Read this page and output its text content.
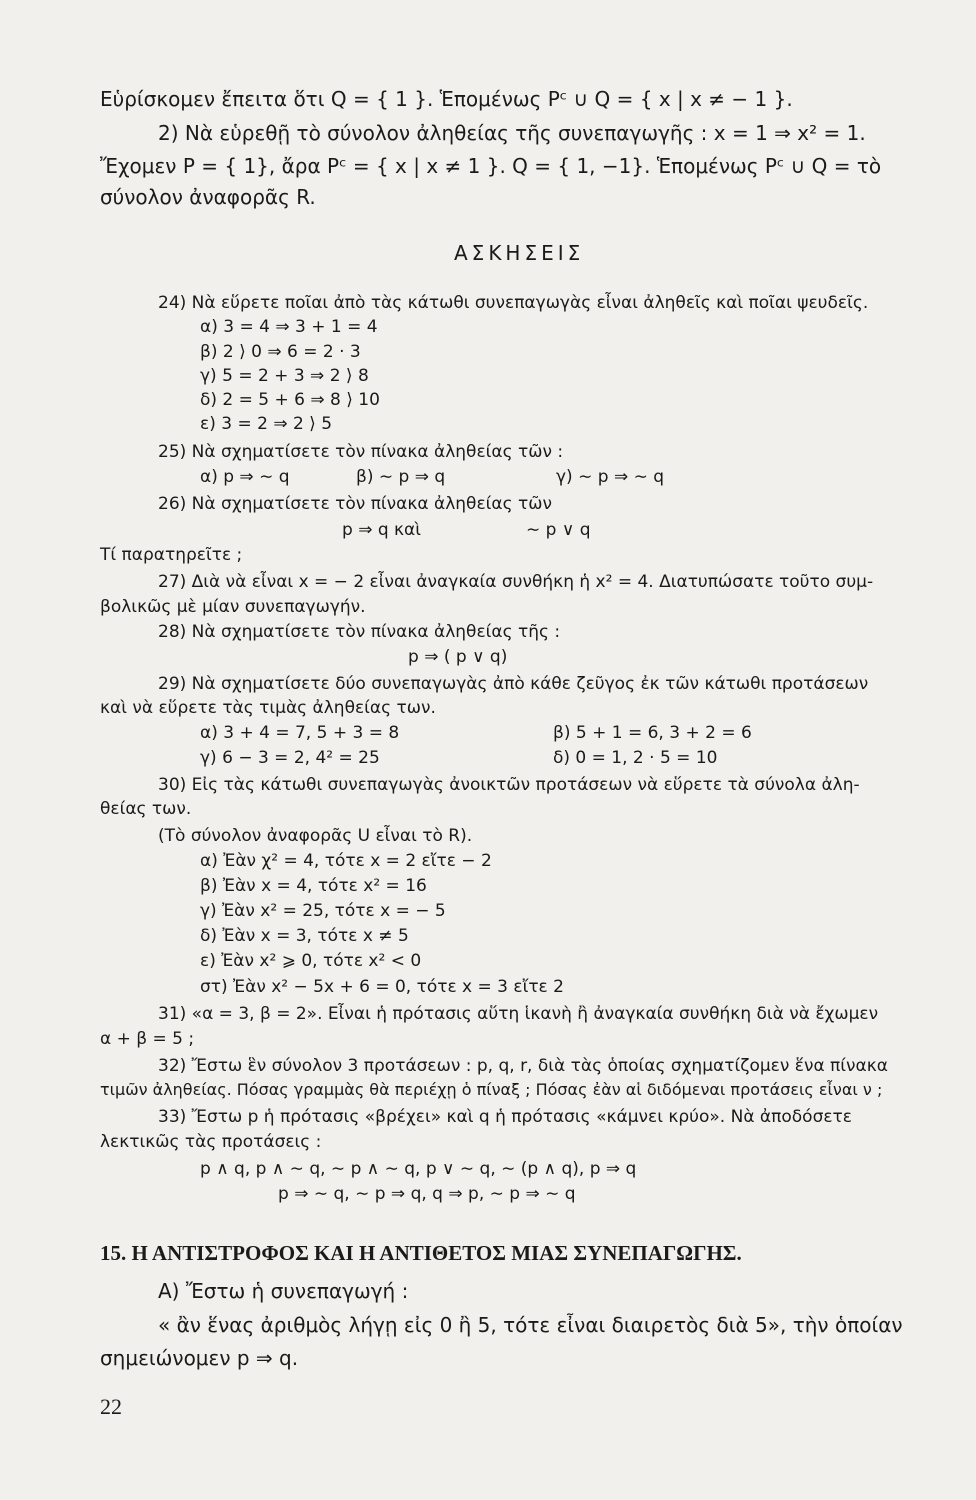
Εὑρίσκομεν ἔπειτα ὅτι Q = { 1 }. Ἑπομένως Pᶜ ∪ Q = { x | x ≠ − 1 }.
2) Νὰ εὑρεθῇ τὸ σύνολον ἀληθείας τῆς συνεπαγωγῆς : x = 1 ⇒ x² = 1.
Ἔχομεν P = { 1}, ἄρα Pᶜ = { x | x ≠ 1 }. Q = { 1, −1}. Ἑπομένως Pᶜ ∪ Q = τὸ
σύνολον ἀναφορᾶς R.
ΑΣΚΗΣΕΙΣ
24) Νὰ εὕρετε ποῖαι ἀπὸ τὰς κάτωθι συνεπαγωγὰς εἶναι ἀληθεῖς καὶ ποῖαι ψευδεῖς.
α) 3 = 4 ⇒ 3 + 1 = 4
β) 2 ⟩ 0 ⇒ 6 = 2 · 3
γ) 5 = 2 + 3 ⇒ 2 ⟩ 8
δ) 2 = 5 + 6 ⇒ 8 ⟩ 10
ε) 3 = 2 ⇒ 2 ⟩ 5
25) Νὰ σχηματίσετε τὸν πίνακα ἀληθείας τῶν :
α) p ⇒ ∼ q	β) ∼ p ⇒ q	γ) ∼ p ⇒ ∼ q
26) Νὰ σχηματίσετε τὸν πίνακα ἀληθείας τῶν
p ⇒ q καὶ	∼ p ∨ q
Τί παρατηρεῖτε ;
27) Διὰ νὰ εἶναι x = − 2 εἶναι ἀναγκαία συνθήκη ἡ x² = 4. Διατυπώσατε τοῦτο συμ-
βολικῶς μὲ μίαν συνεπαγωγήν.
28) Νὰ σχηματίσετε τὸν πίνακα ἀληθείας τῆς :
p ⇒ ( p ∨ q)
29) Νὰ σχηματίσετε δύο συνεπαγωγὰς ἀπὸ κάθε ζεῦγος ἐκ τῶν κάτωθι προτάσεων
καὶ νὰ εὕρετε τὰς τιμὰς ἀληθείας των.
α) 3 + 4 = 7, 5 + 3 = 8	β) 5 + 1 = 6, 3 + 2 = 6
γ) 6 − 3 = 2, 4² = 25	δ) 0 = 1, 2 · 5 = 10
30) Εἰς τὰς κάτωθι συνεπαγωγὰς ἀνοικτῶν προτάσεων νὰ εὕρετε τὰ σύνολα ἀλη-
θείας των.
(Τὸ σύνολον ἀναφορᾶς U εἶναι τὸ R).
α) Ἐὰν χ² = 4, τότε x = 2 εἴτε − 2
β) Ἐὰν x = 4, τότε x² = 16
γ) Ἐὰν x² = 25, τότε x = − 5
δ) Ἐὰν x = 3, τότε x ≠ 5
ε) Ἐὰν x² ⩾ 0, τότε x² < 0
στ) Ἐὰν x² − 5x + 6 = 0, τότε x = 3 εἴτε 2
31) «α = 3, β = 2». Εἶναι ἡ πρότασις αὕτη ἱκανὴ ἢ ἀναγκαία συνθήκη διὰ νὰ ἔχωμεν
α + β = 5 ;
32) Ἔστω ἓν σύνολον 3 προτάσεων : p, q, r, διὰ τὰς ὁποίας σχηματίζομεν ἕνα πίνακα
τιμῶν ἀληθείας. Πόσας γραμμὰς θὰ περιέχῃ ὁ πίναξ ; Πόσας ἐὰν αἱ διδόμεναι προτάσεις εἶναι ν ;
33) Ἔστω p ἡ πρότασις «βρέχει» καὶ q ἡ πρότασις «κάμνει κρύο». Νὰ ἀποδόσετε
λεκτικῶς τὰς προτάσεις :
p ∧ q, p ∧ ∼ q, ∼ p ∧ ∼ q, p ∨ ∼ q, ∼ (p ∧ q), p ⇒ q
p ⇒ ∼ q, ∼ p ⇒ q, q ⇒ p, ∼ p ⇒ ∼ q
15. Η ΑΝΤΙΣΤΡΟΦΟΣ ΚΑΙ Η ΑΝΤΙΘΕΤΟΣ ΜΙΑΣ ΣΥΝΕΠΑΓΩΓΗΣ.
Α) Ἔστω ἡ συνεπαγωγή :
« ἂν ἕνας ἀριθμὸς λήγῃ εἰς 0 ἢ 5, τότε εἶναι διαιρετὸς διὰ 5», τὴν ὁποίαν
σημειώνομεν p ⇒ q.
22
